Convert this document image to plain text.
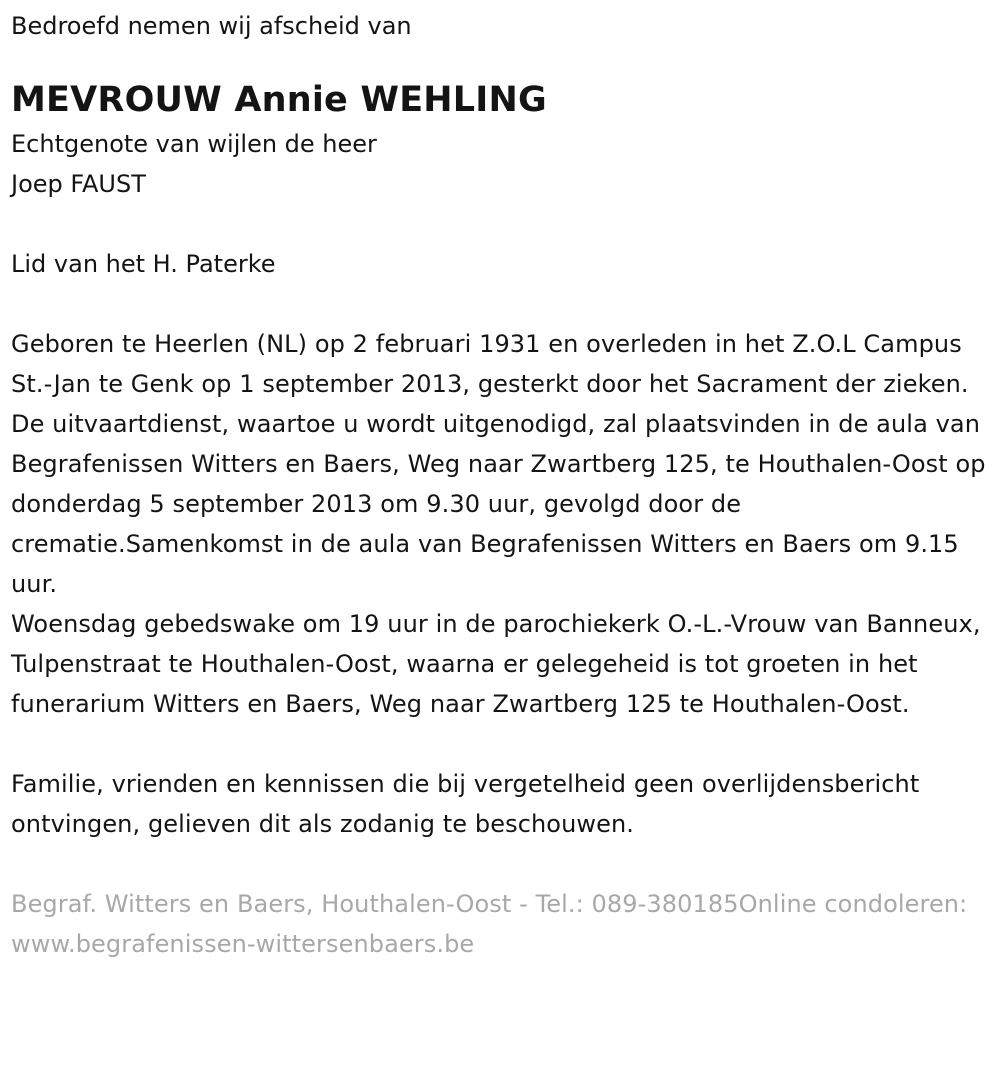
Bedroefd nemen wij afscheid van

MEVROUW Annie WEHLING

Echtgenote van wijlen de heer

Joep FAUST

Lid van het H. Paterke

Geboren te Heerlen (NL) op 2 februari 1931 en overleden in het Z.O.L Campus St.-Jan te Genk op 1 september 2013, gesterkt door het Sacrament der zieken.

De uitvaartdienst, waartoe u wordt uitgenodigd, zal plaatsvinden in de aula van Begrafenissen Witters en Baers, Weg naar Zwartberg 125, te Houthalen-Oost op donderdag 5 september 2013 om 9.30 uur, gevolgd door de crematie.Samenkomst in de aula van Begrafenissen Witters en Baers om 9.15 uur.

Woensdag gebedswake om 19 uur in de parochiekerk O.-L.-Vrouw van Banneux, Tulpenstraat te Houthalen-Oost, waarna er gelegeheid is tot groeten in het funerarium Witters en Baers, Weg naar Zwartberg 125 te Houthalen-Oost.

Familie, vrienden en kennissen die bij vergetelheid geen overlijdensbericht ontvingen, gelieven dit als zodanig te beschouwen.

Begraf. Witters en Baers, Houthalen-Oost - Tel.: 089-380185Online condoleren: www.begrafenissen-wittersenbaers.be
